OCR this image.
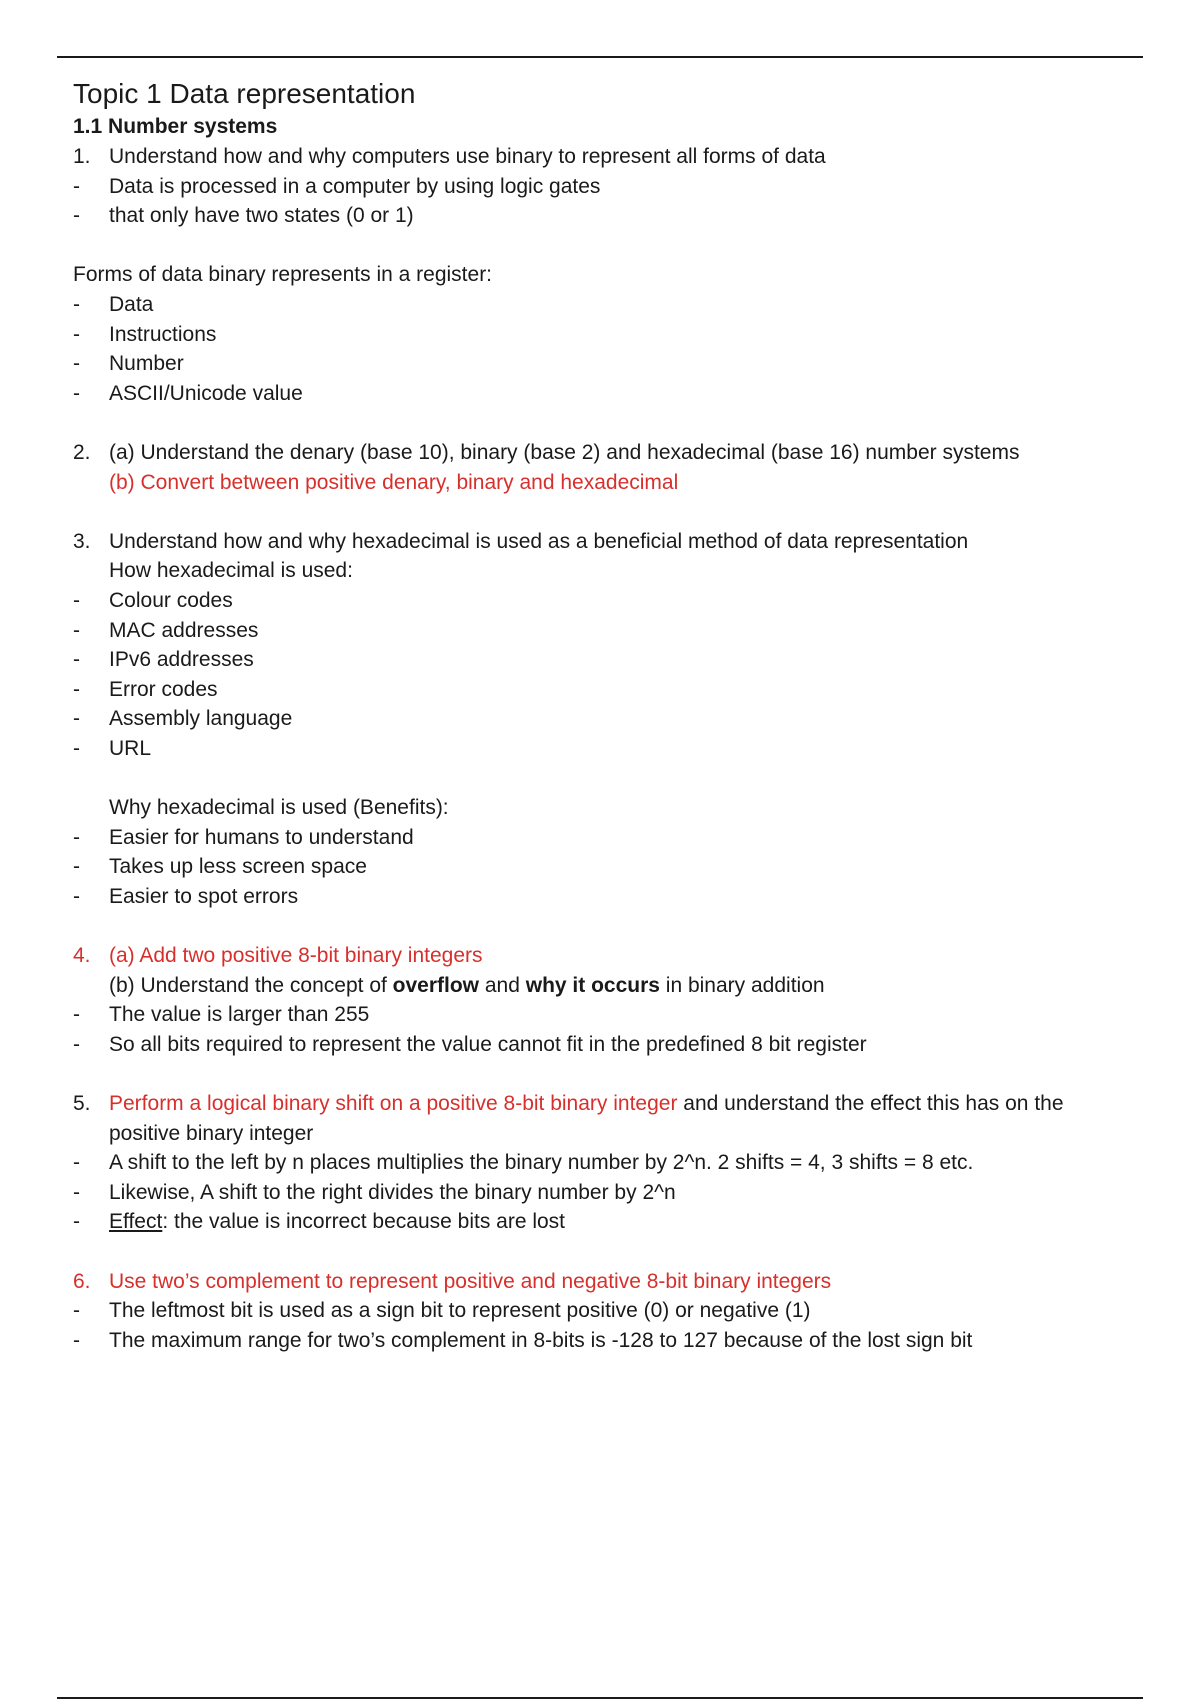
Topic 1 Data representation
1.1 Number systems
1. Understand how and why computers use binary to represent all forms of data
-	Data is processed in a computer by using logic gates
-	that only have two states (0 or 1)
Forms of data binary represents in a register:
-	Data
-	Instructions
-	Number
-	ASCII/Unicode value
2. (a) Understand the denary (base 10), binary (base 2) and hexadecimal (base 16) number systems
(b) Convert between positive denary, binary and hexadecimal
3. Understand how and why hexadecimal is used as a beneficial method of data representation
How hexadecimal is used:
-	Colour codes
-	MAC addresses
-	IPv6 addresses
-	Error codes
-	Assembly language
-	URL
Why hexadecimal is used (Benefits):
-	Easier for humans to understand
-	Takes up less screen space
-	Easier to spot errors
4. (a) Add two positive 8-bit binary integers
(b) Understand the concept of overflow and why it occurs in binary addition
-	The value is larger than 255
-	So all bits required to represent the value cannot fit in the predefined 8 bit register
5. Perform a logical binary shift on a positive 8-bit binary integer and understand the effect this has on the
positive binary integer
-	A shift to the left by n places multiplies the binary number by 2^n. 2 shifts = 4, 3 shifts = 8 etc.
-	Likewise, A shift to the right divides the binary number by 2^n
-	Effect: the value is incorrect because bits are lost
6. Use two’s complement to represent positive and negative 8-bit binary integers
-	The leftmost bit is used as a sign bit to represent positive (0) or negative (1)
-	The maximum range for two’s complement in 8-bits is -128 to 127 because of the lost sign bit
